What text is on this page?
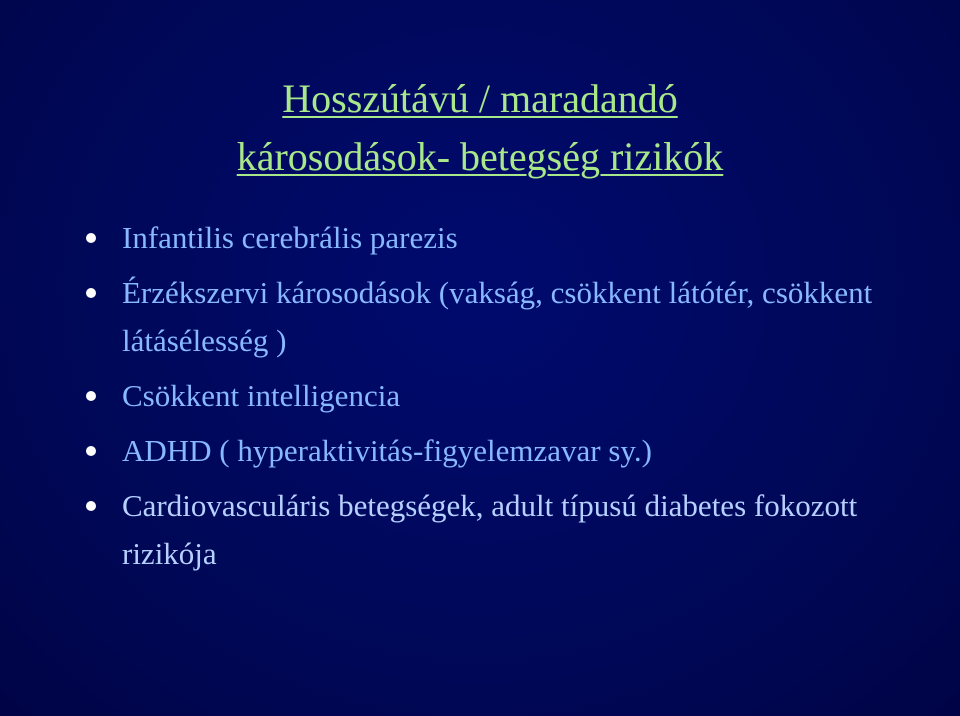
Hosszútávú / maradandó
károsodások- betegség rizikók
Infantilis cerebrális parezis
Érzékszervi károsodások (vakság, csökkent látótér, csökkent látásélesség )
Csökkent intelligencia
ADHD ( hyperaktivitás-figyelemzavar sy.)
Cardiovasculáris betegségek, adult típusú diabetes fokozott rizikója
